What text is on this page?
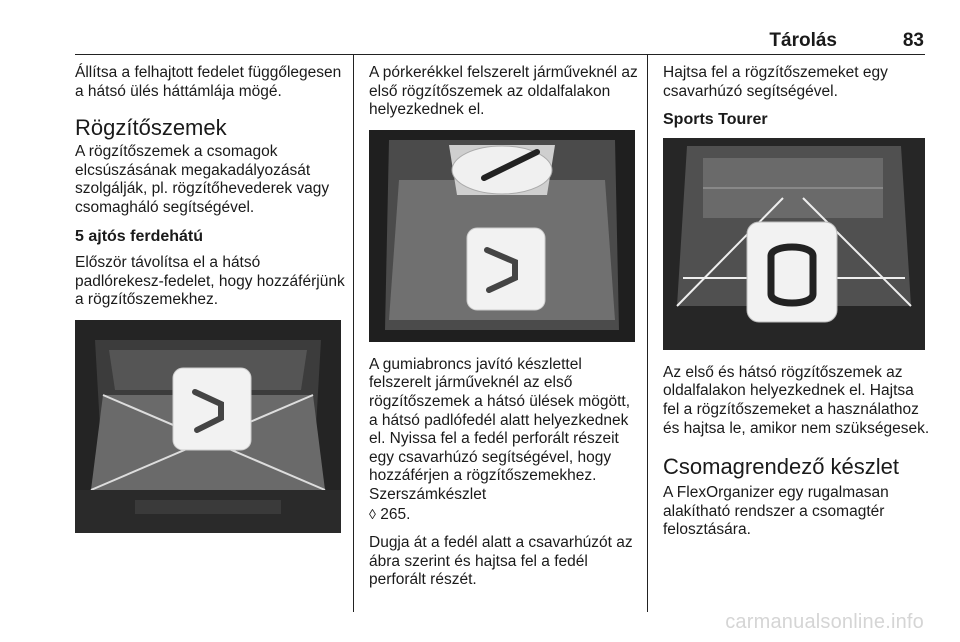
Tárolás	83

Állítsa a felhajtott fedelet függőlegesen a hátsó ülés háttámlája mögé.

Rögzítőszemek

A rögzítőszemek a csomagok elcsúszásának megakadályozását szolgálják, pl. rögzítőhevederek vagy csomagháló segítségével.

5 ajtós ferdehátú

Először távolítsa el a hátsó padlórekesz-fedelet, hogy hozzáférjünk a rögzítőszemekhez.

A pórkerékkel felszerelt járműveknél az első rögzítőszemek az oldalfalakon helyezkednek el.

A gumiabroncs javító készlettel felszerelt járműveknél az első rögzítőszemek a hátsó ülések mögött, a hátsó padlófedél alatt helyezkednek el. Nyissa fel a fedél perforált részeit egy csavarhúzó segítségével, hogy hozzáférjen a rögzítőszemekhez. Szerszámkészlet
◊ 265.

Dugja át a fedél alatt a csavarhúzót az ábra szerint és hajtsa fel a fedél perforált részét.

Hajtsa fel a rögzítőszemeket egy csavarhúzó segítségével.

Sports Tourer

Az első és hátsó rögzítőszemek az oldalfalakon helyezkednek el. Hajtsa fel a rögzítőszemeket a használathoz és hajtsa le, amikor nem szükségesek.

Csomagrendező készlet

A FlexOrganizer egy rugalmasan alakítható rendszer a csomagtér felosztására.

carmanualsonline.info
